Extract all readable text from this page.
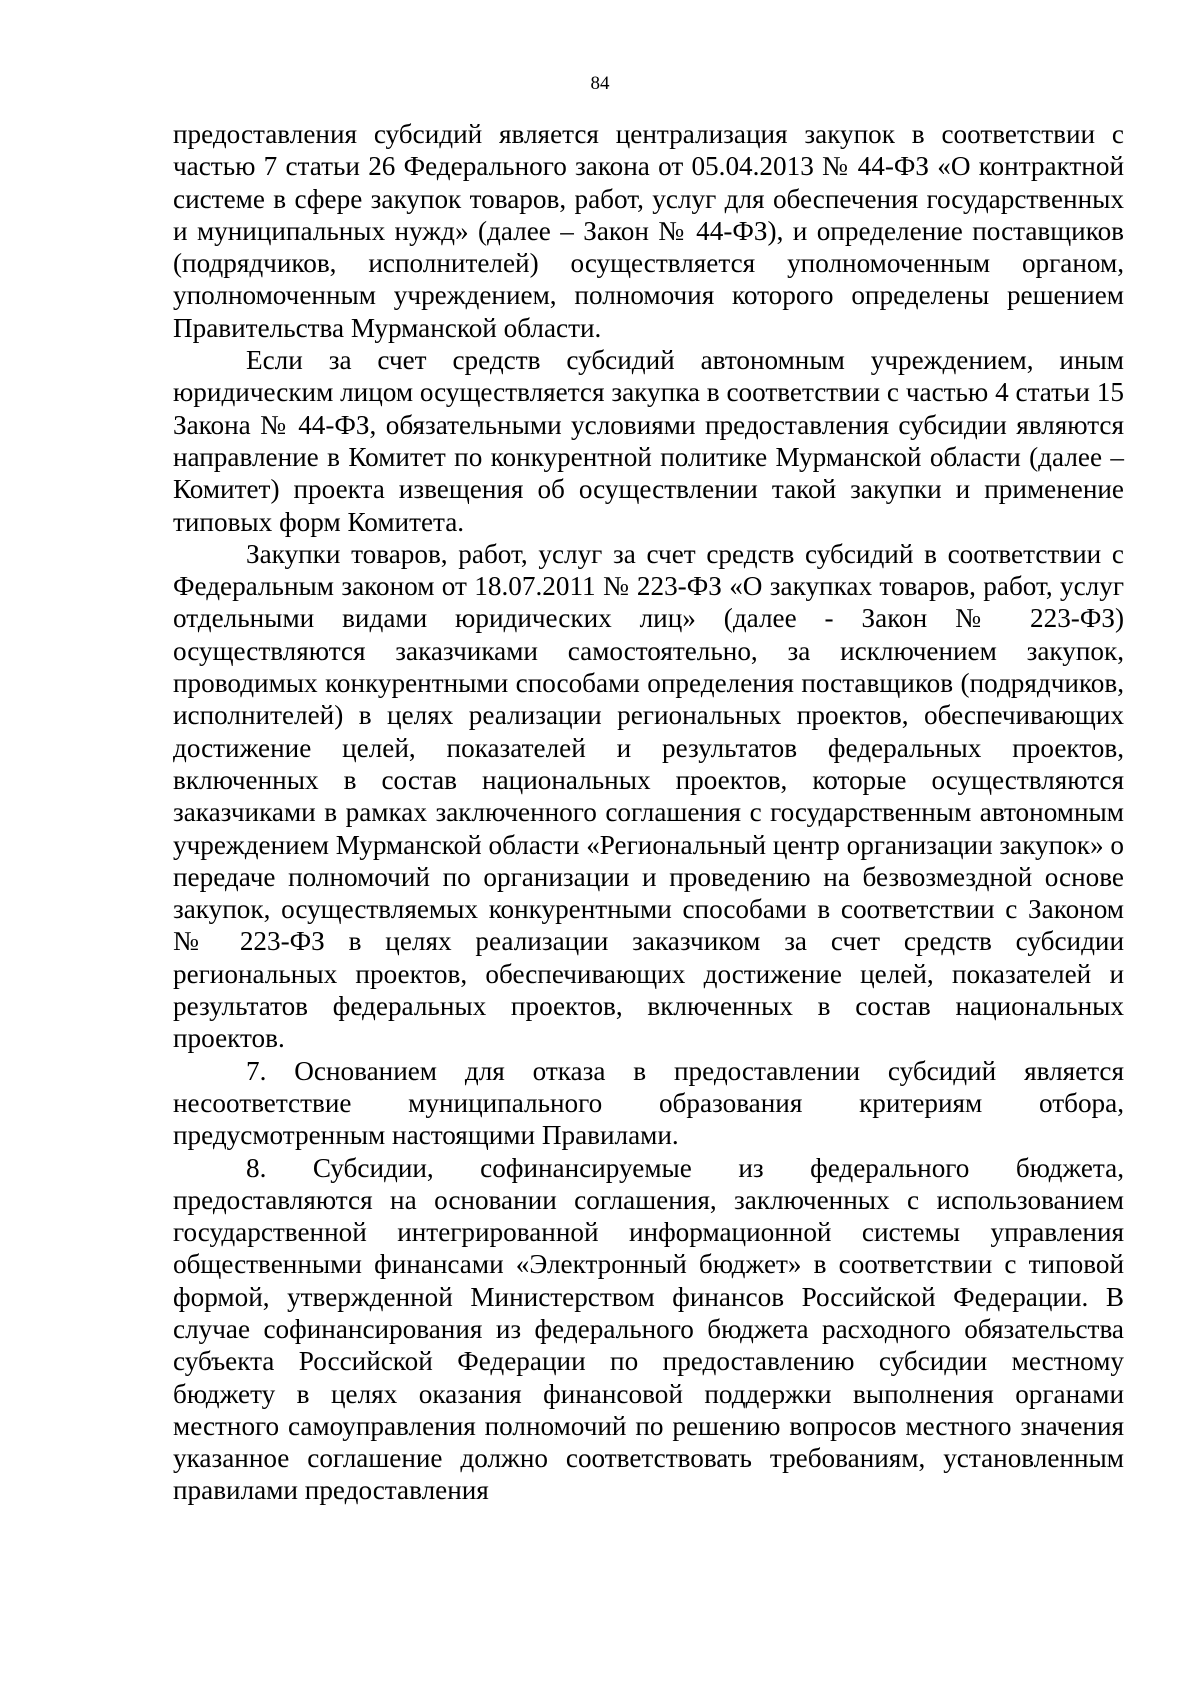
84

предоставления субсидий является централизация закупок в соответствии с частью 7 статьи 26 Федерального закона от 05.04.2013 № 44-ФЗ «О контрактной системе в сфере закупок товаров, работ, услуг для обеспечения государственных и муниципальных нужд» (далее – Закон № 44-ФЗ), и определение поставщиков (подрядчиков, исполнителей) осуществляется уполномоченным органом, уполномоченным учреждением, полномочия которого определены решением Правительства Мурманской области.

Если за счет средств субсидий автономным учреждением, иным юридическим лицом осуществляется закупка в соответствии с частью 4 статьи 15 Закона № 44-ФЗ, обязательными условиями предоставления субсидии являются направление в Комитет по конкурентной политике Мурманской области (далее – Комитет) проекта извещения об осуществлении такой закупки и применение типовых форм Комитета.

Закупки товаров, работ, услуг за счет средств субсидий в соответствии с Федеральным законом от 18.07.2011 № 223-ФЗ «О закупках товаров, работ, услуг отдельными видами юридических лиц» (далее - Закон № 223-ФЗ) осуществляются заказчиками самостоятельно, за исключением закупок, проводимых конкурентными способами определения поставщиков (подрядчиков, исполнителей) в целях реализации региональных проектов, обеспечивающих достижение целей, показателей и результатов федеральных проектов, включенных в состав национальных проектов, которые осуществляются заказчиками в рамках заключенного соглашения с государственным автономным учреждением Мурманской области «Региональный центр организации закупок» о передаче полномочий по организации и проведению на безвозмездной основе закупок, осуществляемых конкурентными способами в соответствии с Законом № 223-ФЗ в целях реализации заказчиком за счет средств субсидии региональных проектов, обеспечивающих достижение целей, показателей и результатов федеральных проектов, включенных в состав национальных проектов.

7. Основанием для отказа в предоставлении субсидий является несоответствие муниципального образования критериям отбора, предусмотренным настоящими Правилами.

8. Субсидии, софинансируемые из федерального бюджета, предоставляются на основании соглашения, заключенных с использованием государственной интегрированной информационной системы управления общественными финансами «Электронный бюджет» в соответствии с типовой формой, утвержденной Министерством финансов Российской Федерации. В случае софинансирования из федерального бюджета расходного обязательства субъекта Российской Федерации по предоставлению субсидии местному бюджету в целях оказания финансовой поддержки выполнения органами местного самоуправления полномочий по решению вопросов местного значения указанное соглашение должно соответствовать требованиям, установленным правилами предоставления
